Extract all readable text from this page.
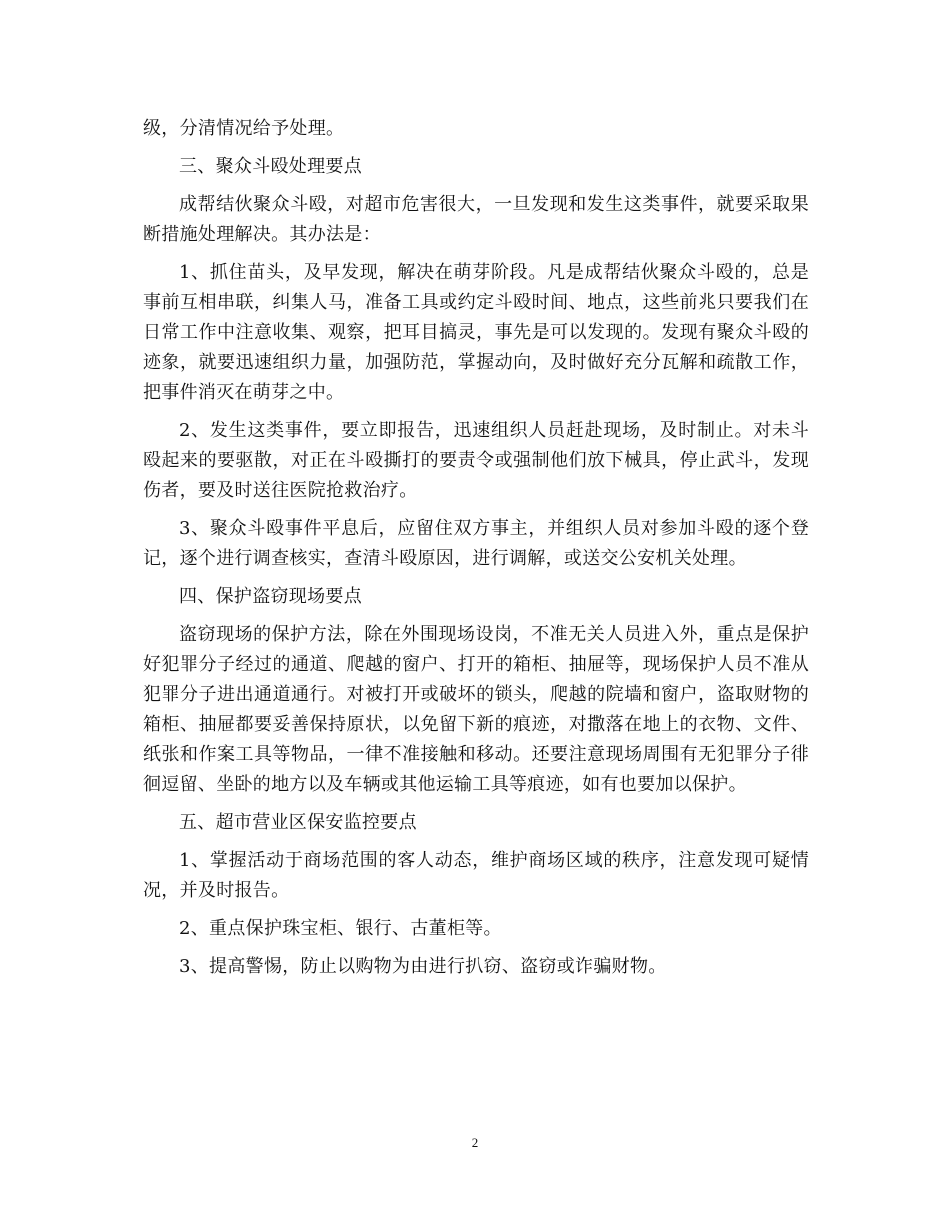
级，分清情况给予处理。

三、聚众斗殴处理要点

成帮结伙聚众斗殴，对超市危害很大，一旦发现和发生这类事件，就要采取果断措施处理解决。其办法是：

1、抓住苗头，及早发现，解决在萌芽阶段。凡是成帮结伙聚众斗殴的，总是事前互相串联，纠集人马，准备工具或约定斗殴时间、地点，这些前兆只要我们在日常工作中注意收集、观察，把耳目搞灵，事先是可以发现的。发现有聚众斗殴的迹象，就要迅速组织力量，加强防范，掌握动向，及时做好充分瓦解和疏散工作，把事件消灭在萌芽之中。

2、发生这类事件，要立即报告，迅速组织人员赶赴现场，及时制止。对未斗殴起来的要驱散，对正在斗殴撕打的要责令或强制他们放下械具，停止武斗，发现伤者，要及时送往医院抢救治疗。

3、聚众斗殴事件平息后，应留住双方事主，并组织人员对参加斗殴的逐个登记，逐个进行调查核实，查清斗殴原因，进行调解，或送交公安机关处理。

四、保护盗窃现场要点

盗窃现场的保护方法，除在外围现场设岗，不准无关人员进入外，重点是保护好犯罪分子经过的通道、爬越的窗户、打开的箱柜、抽屉等，现场保护人员不准从犯罪分子进出通道通行。对被打开或破坏的锁头，爬越的院墙和窗户，盗取财物的箱柜、抽屉都要妥善保持原状，以免留下新的痕迹，对撒落在地上的衣物、文件、纸张和作案工具等物品，一律不准接触和移动。还要注意现场周围有无犯罪分子徘徊逗留、坐卧的地方以及车辆或其他运输工具等痕迹，如有也要加以保护。

五、超市营业区保安监控要点

1、掌握活动于商场范围的客人动态，维护商场区域的秩序，注意发现可疑情况，并及时报告。

2、重点保护珠宝柜、银行、古董柜等。

3、提高警惕，防止以购物为由进行扒窃、盗窃或诈骗财物。

2
